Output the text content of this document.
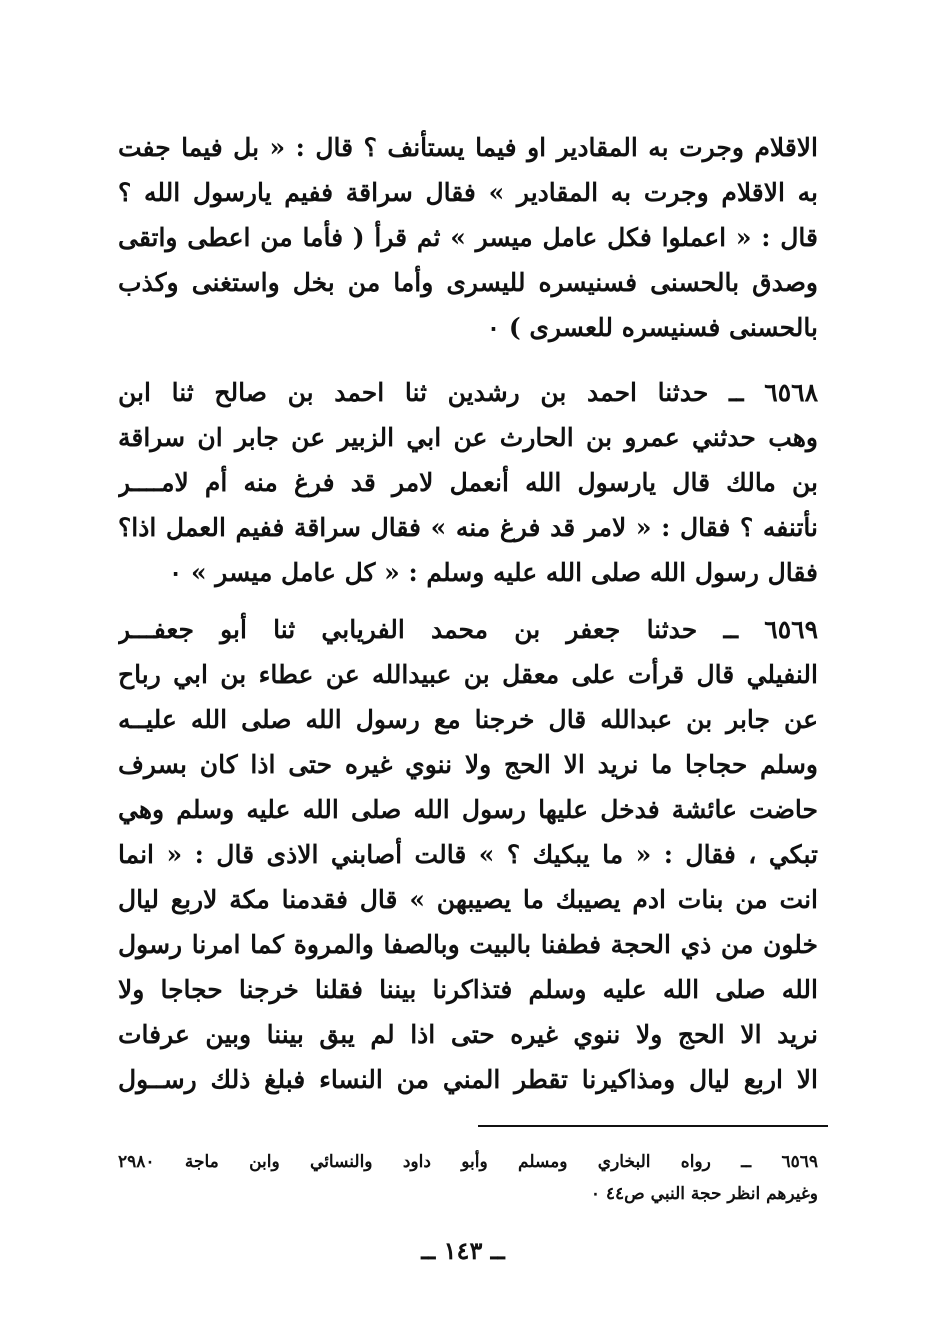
الاقلام وجرت به المقادير او فيما يستأنف ؟ قال : « بل فيما جفت
به الاقلام وجرت به المقادير » فقال سراقة ففيم يارسول الله ؟
قال : « اعملوا فكل عامل ميسر » ثم قرأ ( فأما من اعطى واتقى
وصدق بالحسنى فسنيسره لليسرى وأما من بخل واستغنى وكذب
بالحسنى فسنيسره للعسرى ) ٠
٦٥٦٨ ــ حدثنا احمد بن رشدين ثنا احمد بن صالح ثنا ابن
وهب حدثني عمرو بن الحارث عن ابي الزبير عن جابر ان سراقة
بن مالك قال يارسول الله أنعمل لامر قد فرغ منه أم لامــــر
نأتنفه ؟ فقال : « لامر قد فرغ منه » فقال سراقة ففيم العمل اذا؟
فقال رسول الله صلى الله عليه وسلم : « كل عامل ميسر » ٠
٦٥٦٩ ــ حدثنا جعفر بن محمد الفريابي ثنا أبو جعفـــر
النفيلي قال قرأت على معقل بن عبيدالله عن عطاء بن ابي رباح
عن جابر بن عبدالله قال خرجنا مع رسول الله صلى الله عليــه
وسلم حجاجا ما نريد الا الحج ولا ننوي غيره حتى اذا كان بسرف
حاضت عائشة فدخل عليها رسول الله صلى الله عليه وسلم وهي
تبكي ، فقال : « ما يبكيك ؟ » قالت أصابني الاذى قال : « انما
انت من بنات ادم يصيبك ما يصيبهن » قال فقدمنا مكة لاربع ليال
خلون من ذي الحجة فطفنا بالبيت وبالصفا والمروة كما امرنا رسول
الله صلى الله عليه وسلم فتذاكرنا بيننا فقلنا خرجنا حجاجا ولا
نريد الا الحج ولا ننوي غيره حتى اذا لم يبق بيننا وبين عرفات
الا اربع ليال ومذاكيرنا تقطر المني من النساء فبلغ ذلك رســول
٦٥٦٩ ــ رواه البخاري ومسلم وأبو داود والنسائي وابن ماجة ٢٩٨٠
وغيرهم انظر حجة النبي ص٤٤ ٠
ــ ١٤٣ ــ
